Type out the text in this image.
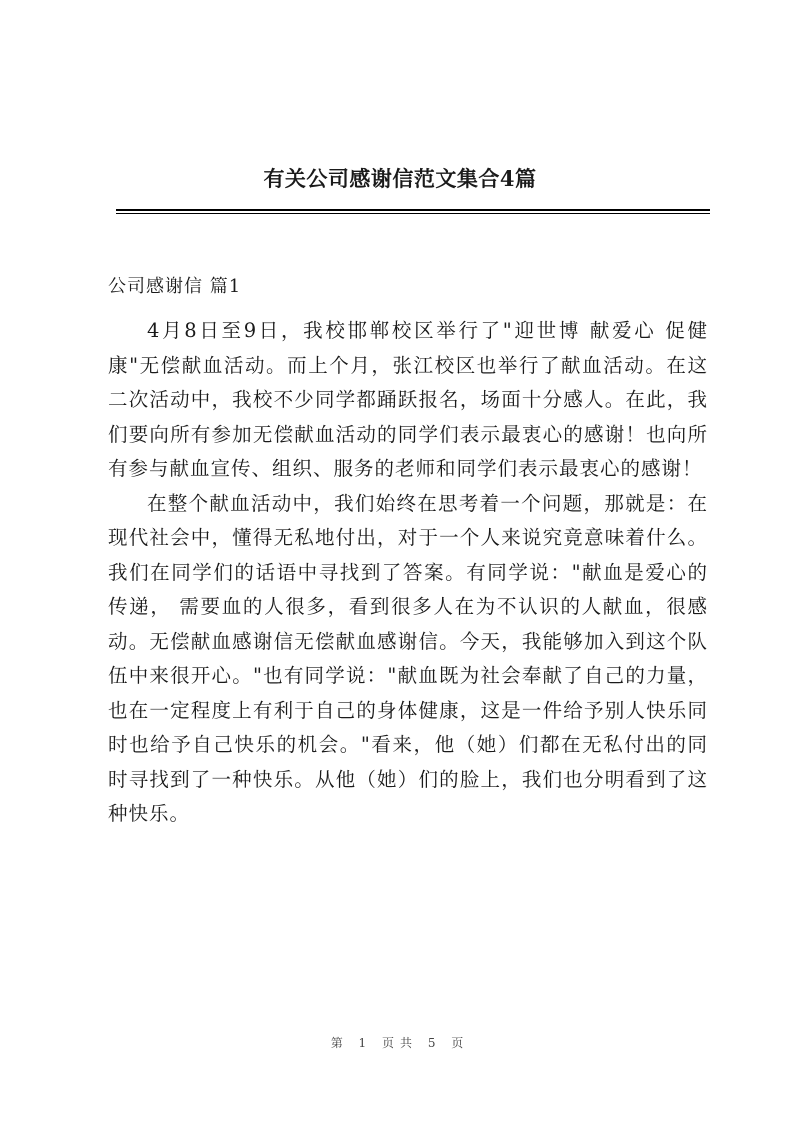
有关公司感谢信范文集合4篇
公司感谢信 篇1

4月8日至9日，我校邯郸校区举行了"迎世博 献爱心 促健康"无偿献血活动。而上个月，张江校区也举行了献血活动。在这二次活动中，我校不少同学都踊跃报名，场面十分感人。在此，我们要向所有参加无偿献血活动的同学们表示最衷心的感谢！也向所有参与献血宣传、组织、服务的老师和同学们表示最衷心的感谢！

在整个献血活动中，我们始终在思考着一个问题，那就是：在现代社会中，懂得无私地付出，对于一个人来说究竟意味着什么。我们在同学们的话语中寻找到了答案。有同学说："献血是爱心的传递， 需要血的人很多，看到很多人在为不认识的人献血，很感动。无偿献血感谢信无偿献血感谢信。今天，我能够加入到这个队伍中来很开心。"也有同学说："献血既为社会奉献了自己的力量，也在一定程度上有利于自己的身体健康，这是一件给予别人快乐同时也给予自己快乐的机会。"看来，他（她）们都在无私付出的同时寻找到了一种快乐。从他（她）们的脸上，我们也分明看到了这种快乐。

第 1 页共 5 页
